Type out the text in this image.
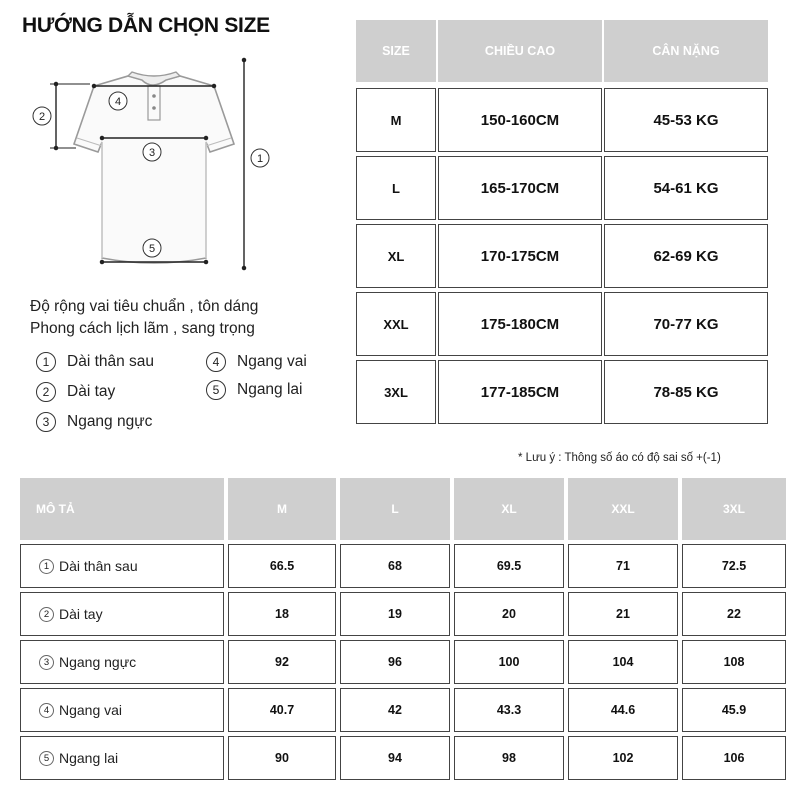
HƯỚNG DẪN CHỌN SIZE
1
2
4
3
5
Độ rộng vai tiêu chuẩn , tôn dáng
Phong cách lịch lãm , sang trọng
1	Dài thân sau
2	Dài tay
3	Ngang ngực
4	Ngang vai
5	Ngang lai
SIZE	CHIỀU CAO	CÂN NẶNG
M	150-160CM	45-53 KG
L	165-170CM	54-61 KG
XL	170-175CM	62-69 KG
XXL	175-180CM	70-77 KG
3XL	177-185CM	78-85 KG
* Lưu ý : Thông số áo có độ sai số +(-1)
MÔ TẢ	M	L	XL	XXL	3XL
1 Dài thân sau	66.5	68	69.5	71	72.5
2 Dài tay	18	19	20	21	22
3 Ngang ngực	92	96	100	104	108
4 Ngang vai	40.7	42	43.3	44.6	45.9
5 Ngang lai	90	94	98	102	106
